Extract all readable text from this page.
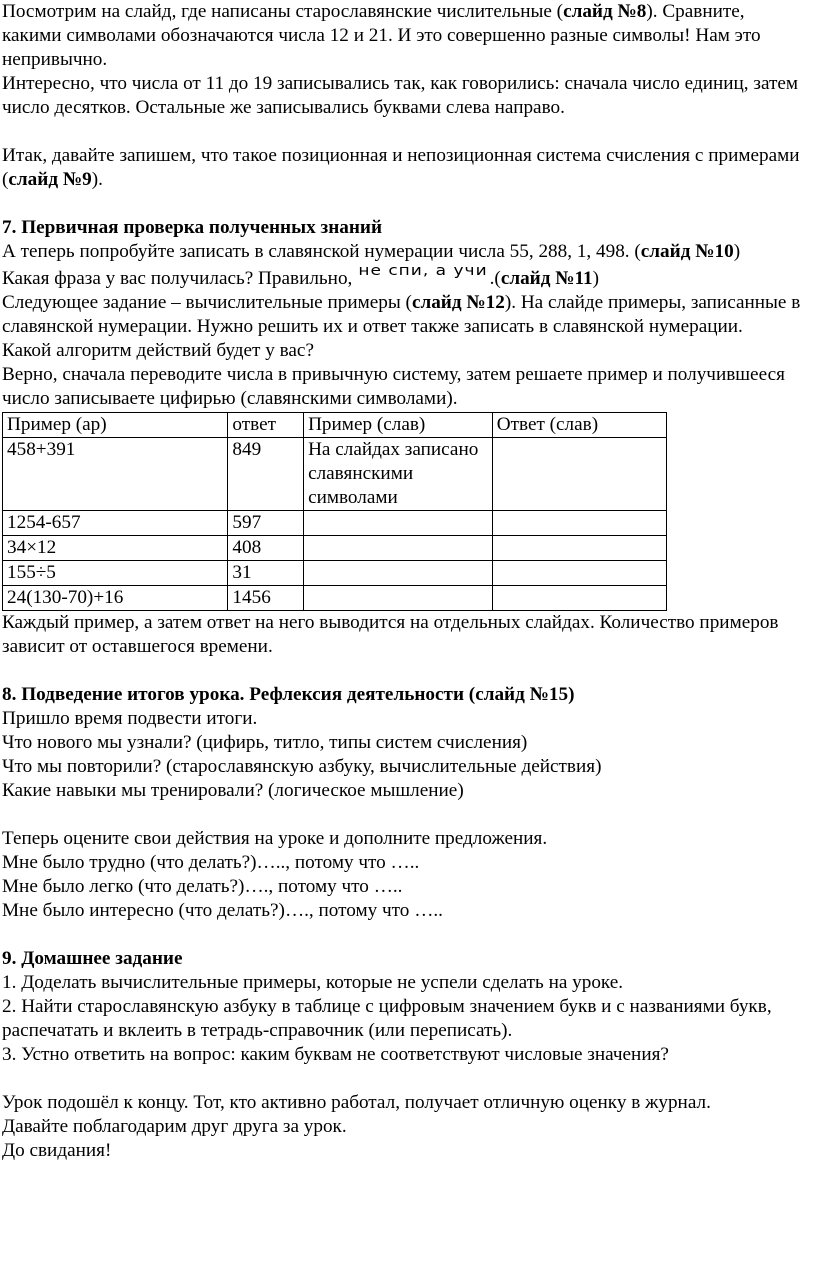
Посмотрим на слайд, где написаны старославянские числительные (слайд №8). Сравните, какими символами обозначаются числа 12 и 21. И это совершенно разные символы! Нам это непривычно.

Интересно, что числа от 11 до 19 записывались так, как говорились: сначала число единиц, затем число десятков. Остальные же записывались буквами слева направо.

Итак, давайте запишем, что такое позиционная и непозиционная система счисления с примерами (слайд №9).

7. Первичная проверка полученных знаний

А теперь попробуйте записать в славянской нумерации числа 55, 288, 1, 498. (слайд №10)

Какая фраза у вас получилась? Правильно, не спи, а учи .(слайд №11)

Следующее задание – вычислительные примеры (слайд №12). На слайде примеры, записанные в славянской нумерации. Нужно решить их и ответ также записать в славянской нумерации.

Какой алгоритм действий будет у вас?

Верно, сначала переводите числа в привычную систему, затем решаете пример и получившееся число записываете цифирью (славянскими символами).

Пример (ар)	ответ	Пример (слав)	Ответ (слав)
458+391	849	На слайдах записано славянскими символами	
1254-657	597		
34×12	408		
155÷5	31		
24(130-70)+16	1456		

Каждый пример, а затем ответ на него выводится на отдельных слайдах. Количество примеров зависит от оставшегося времени.

8. Подведение итогов урока. Рефлексия деятельности (слайд №15)

Пришло время подвести итоги.

Что нового мы узнали? (цифирь, титло, типы систем счисления)

Что мы повторили? (старославянскую азбуку, вычислительные действия)

Какие навыки мы тренировали? (логическое мышление)

Теперь оцените свои действия на уроке и дополните предложения.

Мне было трудно (что делать?)….., потому что …..

Мне было легко (что делать?)…., потому что …..

Мне было интересно (что делать?)…., потому что …..

9. Домашнее задание

1. Доделать вычислительные примеры, которые не успели сделать на уроке.

2. Найти старославянскую азбуку в таблице с цифровым значением букв и с названиями букв, распечатать и вклеить в тетрадь-справочник (или переписать).

3. Устно ответить на вопрос: каким буквам не соответствуют числовые значения?

Урок подошёл к концу. Тот, кто активно работал, получает отличную оценку в журнал.

Давайте поблагодарим друг друга за урок.

До свидания!
